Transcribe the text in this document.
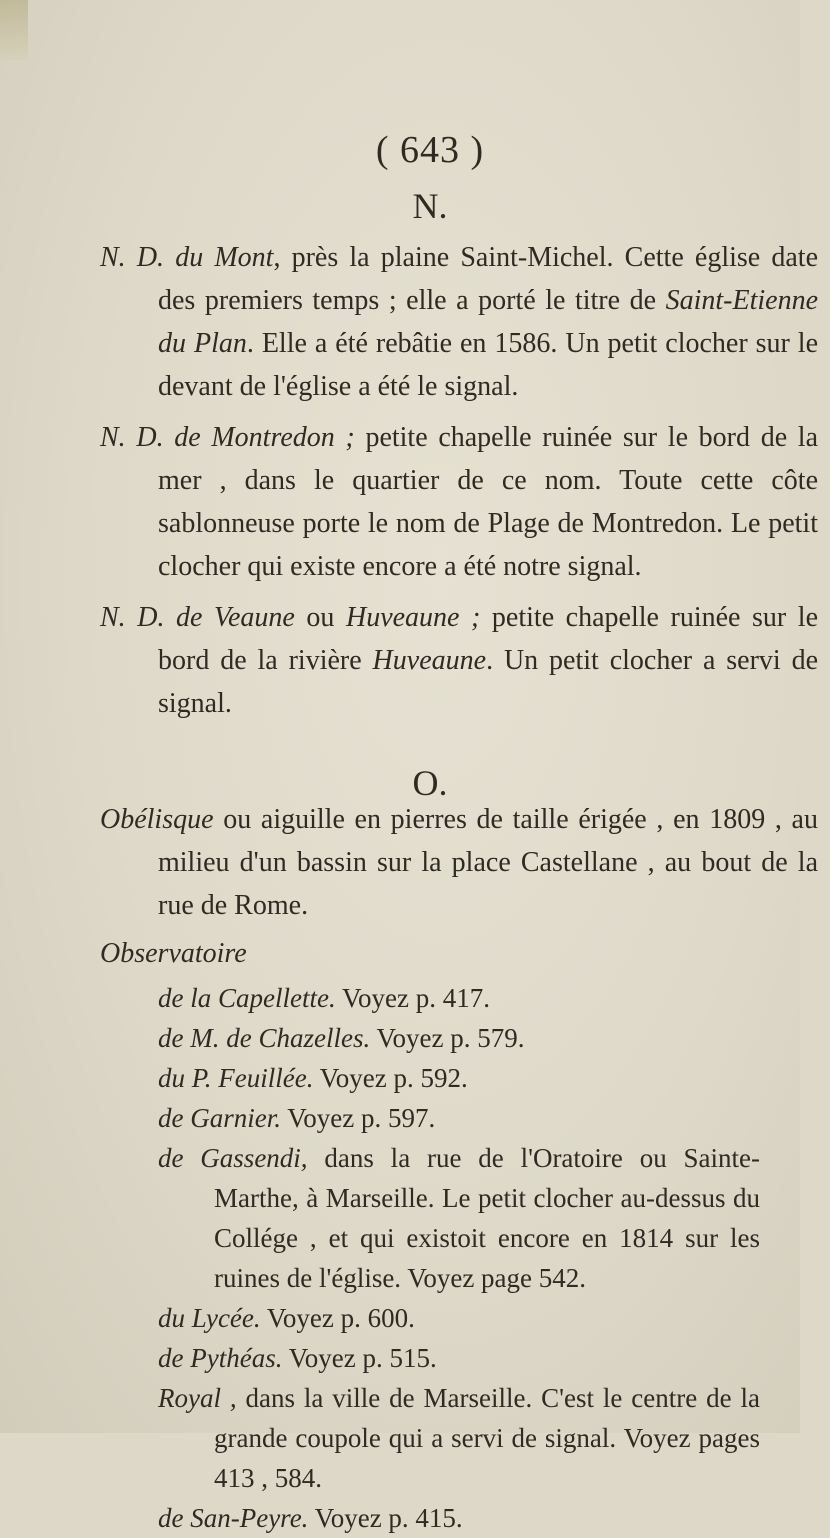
( 643 )
N.
N. D. du Mont, près la plaine Saint-Michel. Cette église date des premiers temps ; elle a porté le titre de Saint-Etienne du Plan. Elle a été rebâtie en 1586. Un petit clocher sur le devant de l'église a été le signal.
N. D. de Montredon ; petite chapelle ruinée sur le bord de la mer , dans le quartier de ce nom. Toute cette côte sablonneuse porte le nom de Plage de Montredon. Le petit clocher qui existe encore a été notre signal.
N. D. de Veaune ou Huveaune ; petite chapelle ruinée sur le bord de la rivière Huveaune. Un petit clocher a servi de signal.
O.
Obélisque ou aiguille en pierres de taille érigée , en 1809 , au milieu d'un bassin sur la place Castellane , au bout de la rue de Rome.
Observatoire
de la Capellette. Voyez p. 417.
de M. de Chazelles. Voyez p. 579.
du P. Feuillée. Voyez p. 592.
de Garnier. Voyez p. 597.
de Gassendi, dans la rue de l'Oratoire ou Sainte-Marthe, à Marseille. Le petit clocher au-dessus du Collége , et qui existoit encore en 1814 sur les ruines de l'église. Voyez page 542.
du Lycée. Voyez p. 600.
de Pythéas. Voyez p. 515.
Royal , dans la ville de Marseille. C'est le centre de la grande coupole qui a servi de signal. Voyez pages 413 , 584.
de San-Peyre. Voyez p. 415.
